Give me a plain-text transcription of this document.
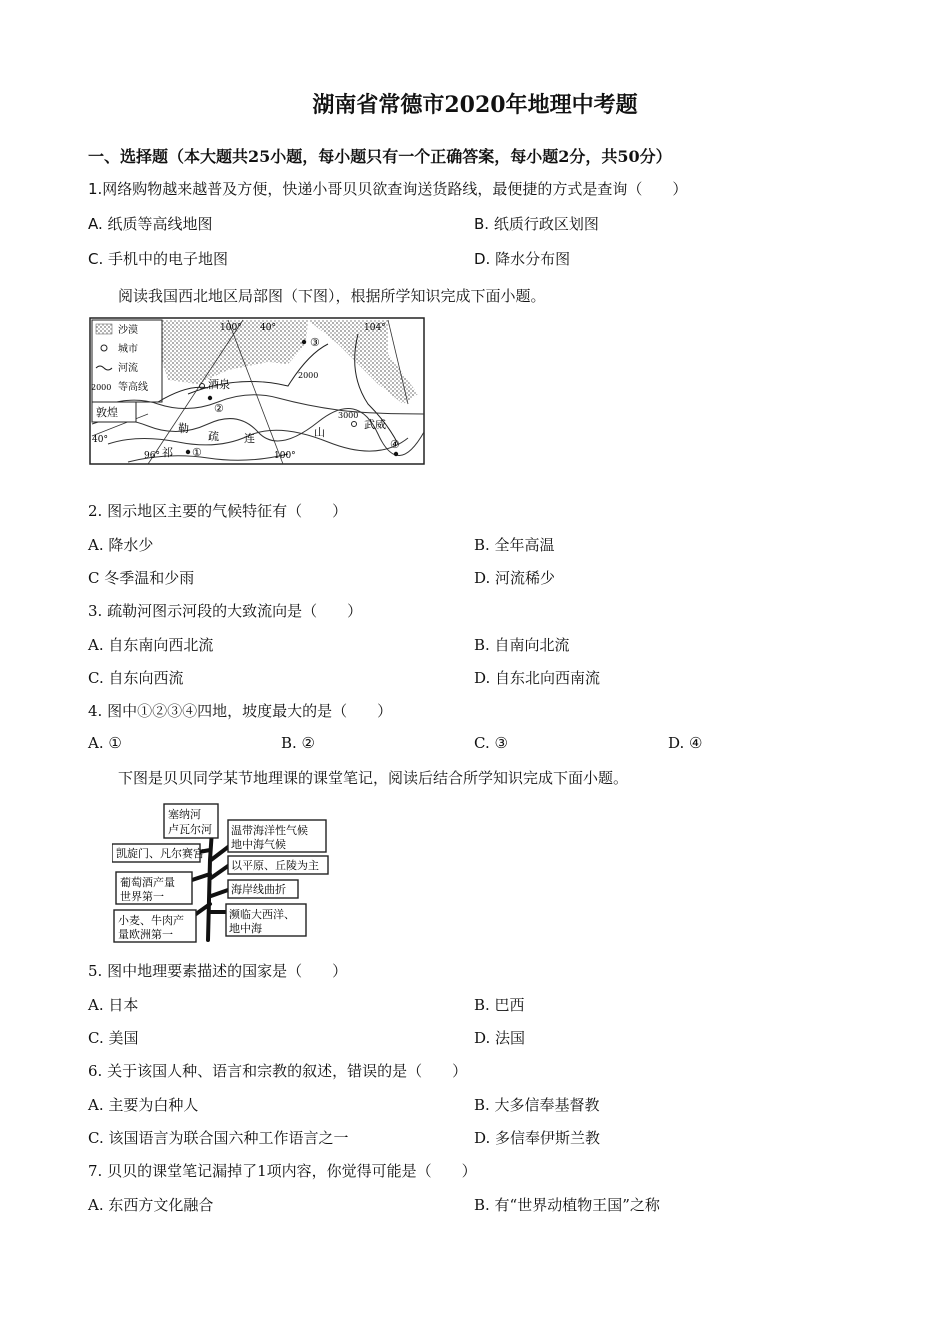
湖南省常德市2020年地理中考题
一、选择题（本大题共25小题，每小题只有一个正确答案，每小题2分，共50分）
1.网络购物越来越普及方便，快递小哥贝贝欲查询送货路线，最便捷的方式是查询（　　）
A. 纸质等高线地图	B. 纸质行政区划图
C. 手机中的电子地图	D. 降水分布图
阅读我国西北地区局部图（下图），根据所学知识完成下面小题。
沙漠
城市
河流
2000 等高线
100° 40°	104°
96°	100°
40°
2000
3000
酒泉
武威
敦煌
祁
连	山
勒
疏
①
②
③
④
2. 图示地区主要的气候特征有（　　）
A. 降水少	B. 全年高温
C 冬季温和少雨	D. 河流稀少
3. 疏勒河图示河段的大致流向是（　　）
A. 自东南向西北流	B. 自南向北流
C. 自东向西流	D. 自东北向西南流
4. 图中①②③④四地，坡度最大的是（　　）
A. ①	B. ②	C. ③	D. ④
下图是贝贝同学某节地理课的课堂笔记，阅读后结合所学知识完成下面小题。
塞纳河
卢瓦尔河
凯旋门、凡尔赛宫
葡萄酒产量
世界第一
小麦、牛肉产
量欧洲第一
温带海洋性气候
地中海气候
以平原、丘陵为主
海岸线曲折
濒临大西洋、
地中海
5. 图中地理要素描述的国家是（　　）
A. 日本	B. 巴西
C. 美国	D. 法国
6. 关于该国人种、语言和宗教的叙述，错误的是（　　）
A. 主要为白种人	B. 大多信奉基督教
C. 该国语言为联合国六种工作语言之一	D. 多信奉伊斯兰教
7. 贝贝的课堂笔记漏掉了1项内容，你觉得可能是（　　）
A. 东西方文化融合	B. 有“世界动植物王国”之称
